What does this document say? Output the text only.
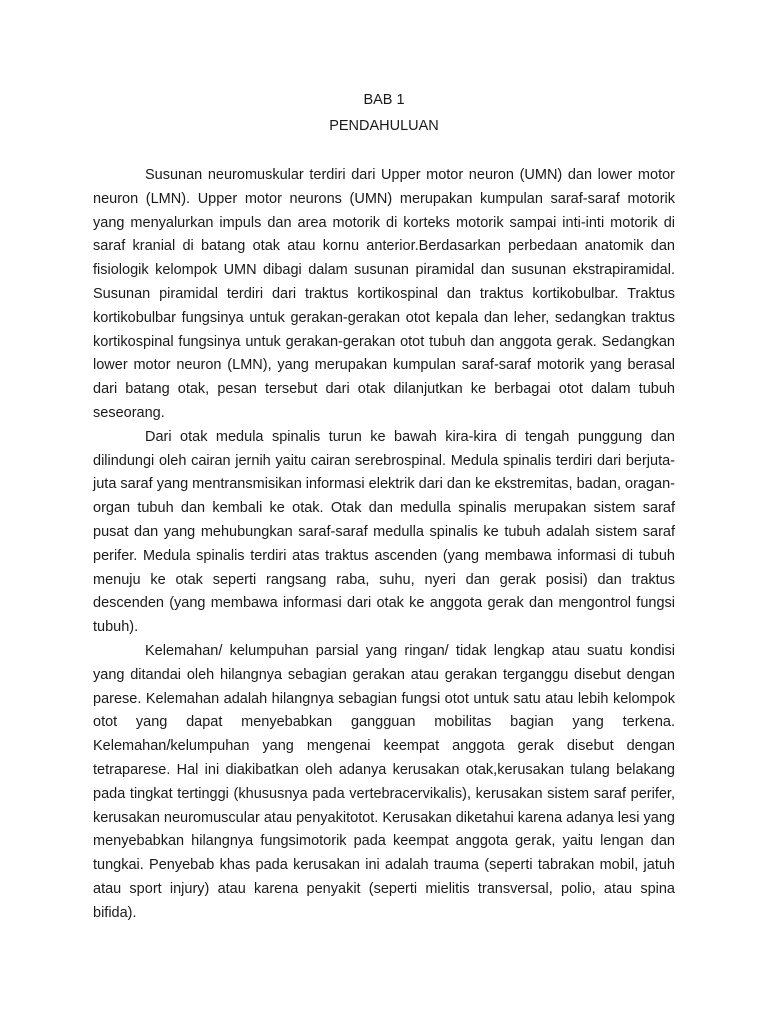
BAB 1
PENDAHULUAN

Susunan neuromuskular terdiri dari Upper motor neuron (UMN) dan lower motor neuron (LMN). Upper motor neurons (UMN) merupakan kumpulan saraf-saraf motorik yang menyalurkan impuls dan area motorik di korteks motorik sampai inti-inti motorik di saraf kranial di batang otak atau kornu anterior.Berdasarkan perbedaan anatomik dan fisiologik kelompok UMN dibagi dalam susunan piramidal dan susunan ekstrapiramidal. Susunan piramidal terdiri dari traktus kortikospinal dan traktus kortikobulbar. Traktus kortikobulbar fungsinya untuk gerakan-gerakan otot kepala dan leher, sedangkan traktus kortikospinal fungsinya untuk gerakan-gerakan otot tubuh dan anggota gerak. Sedangkan lower motor neuron (LMN), yang merupakan kumpulan saraf-saraf motorik yang berasal dari batang otak, pesan tersebut dari otak dilanjutkan ke berbagai otot dalam tubuh seseorang.

Dari otak medula spinalis turun ke bawah kira-kira di tengah punggung dan dilindungi oleh cairan jernih yaitu cairan serebrospinal. Medula spinalis terdiri dari berjuta-juta saraf yang mentransmisikan informasi elektrik dari dan ke ekstremitas, badan, oragan-organ tubuh dan kembali ke otak. Otak dan medulla spinalis merupakan sistem saraf pusat dan yang mehubungkan saraf-saraf medulla spinalis ke tubuh adalah sistem saraf perifer. Medula spinalis terdiri atas traktus ascenden (yang membawa informasi di tubuh menuju ke otak seperti rangsang raba, suhu, nyeri dan gerak posisi) dan traktus descenden (yang membawa informasi dari otak ke anggota gerak dan mengontrol fungsi tubuh).

Kelemahan/ kelumpuhan parsial yang ringan/ tidak lengkap atau suatu kondisi yang ditandai oleh hilangnya sebagian gerakan atau gerakan terganggu disebut dengan parese. Kelemahan adalah hilangnya sebagian fungsi otot untuk satu atau lebih kelompok otot yang dapat menyebabkan gangguan mobilitas bagian yang terkena. Kelemahan/kelumpuhan yang mengenai keempat anggota gerak disebut dengan tetraparese. Hal ini diakibatkan oleh adanya kerusakan otak,kerusakan tulang belakang pada tingkat tertinggi (khususnya pada vertebracervikalis), kerusakan sistem saraf perifer, kerusakan neuromuscular atau penyakitotot. Kerusakan diketahui karena adanya lesi yang menyebabkan hilangnya fungsimotorik pada keempat anggota gerak, yaitu lengan dan tungkai. Penyebab khas pada kerusakan ini adalah trauma (seperti tabrakan mobil, jatuh atau sport injury) atau karena penyakit (seperti mielitis transversal, polio, atau spina bifida).
